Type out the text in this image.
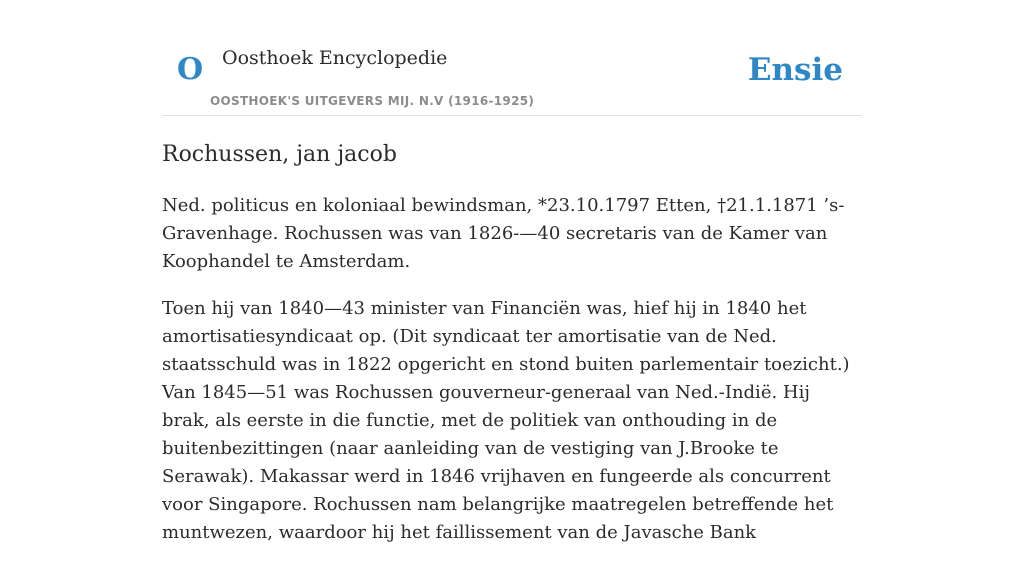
O Oosthoek Encyclopedie
OOSTHOEK'S UITGEVERS MIJ. N.V (1916-1925)
Ensie
Rochussen, jan jacob

Ned. politicus en koloniaal bewindsman, *23.10.1797 Etten, †21.1.1871 ’s-Gravenhage. Rochussen was van 1826-—40 secretaris van de Kamer van Koophandel te Amsterdam.

Toen hij van 1840—43 minister van Financiën was, hief hij in 1840 het amortisatiesyndicaat op. (Dit syndicaat ter amortisatie van de Ned. staatsschuld was in 1822 opgericht en stond buiten parlementair toezicht.) Van 1845—51 was Rochussen gouverneur-generaal van Ned.-Indië. Hij brak, als eerste in die functie, met de politiek van onthouding in de buitenbezittingen (naar aanleiding van de vestiging van J.Brooke te Serawak). Makassar werd in 1846 vrijhaven en fungeerde als concurrent voor Singapore. Rochussen nam belangrijke maatregelen betreffende het muntwezen, waardoor hij het faillissement van de Javasche Bank
